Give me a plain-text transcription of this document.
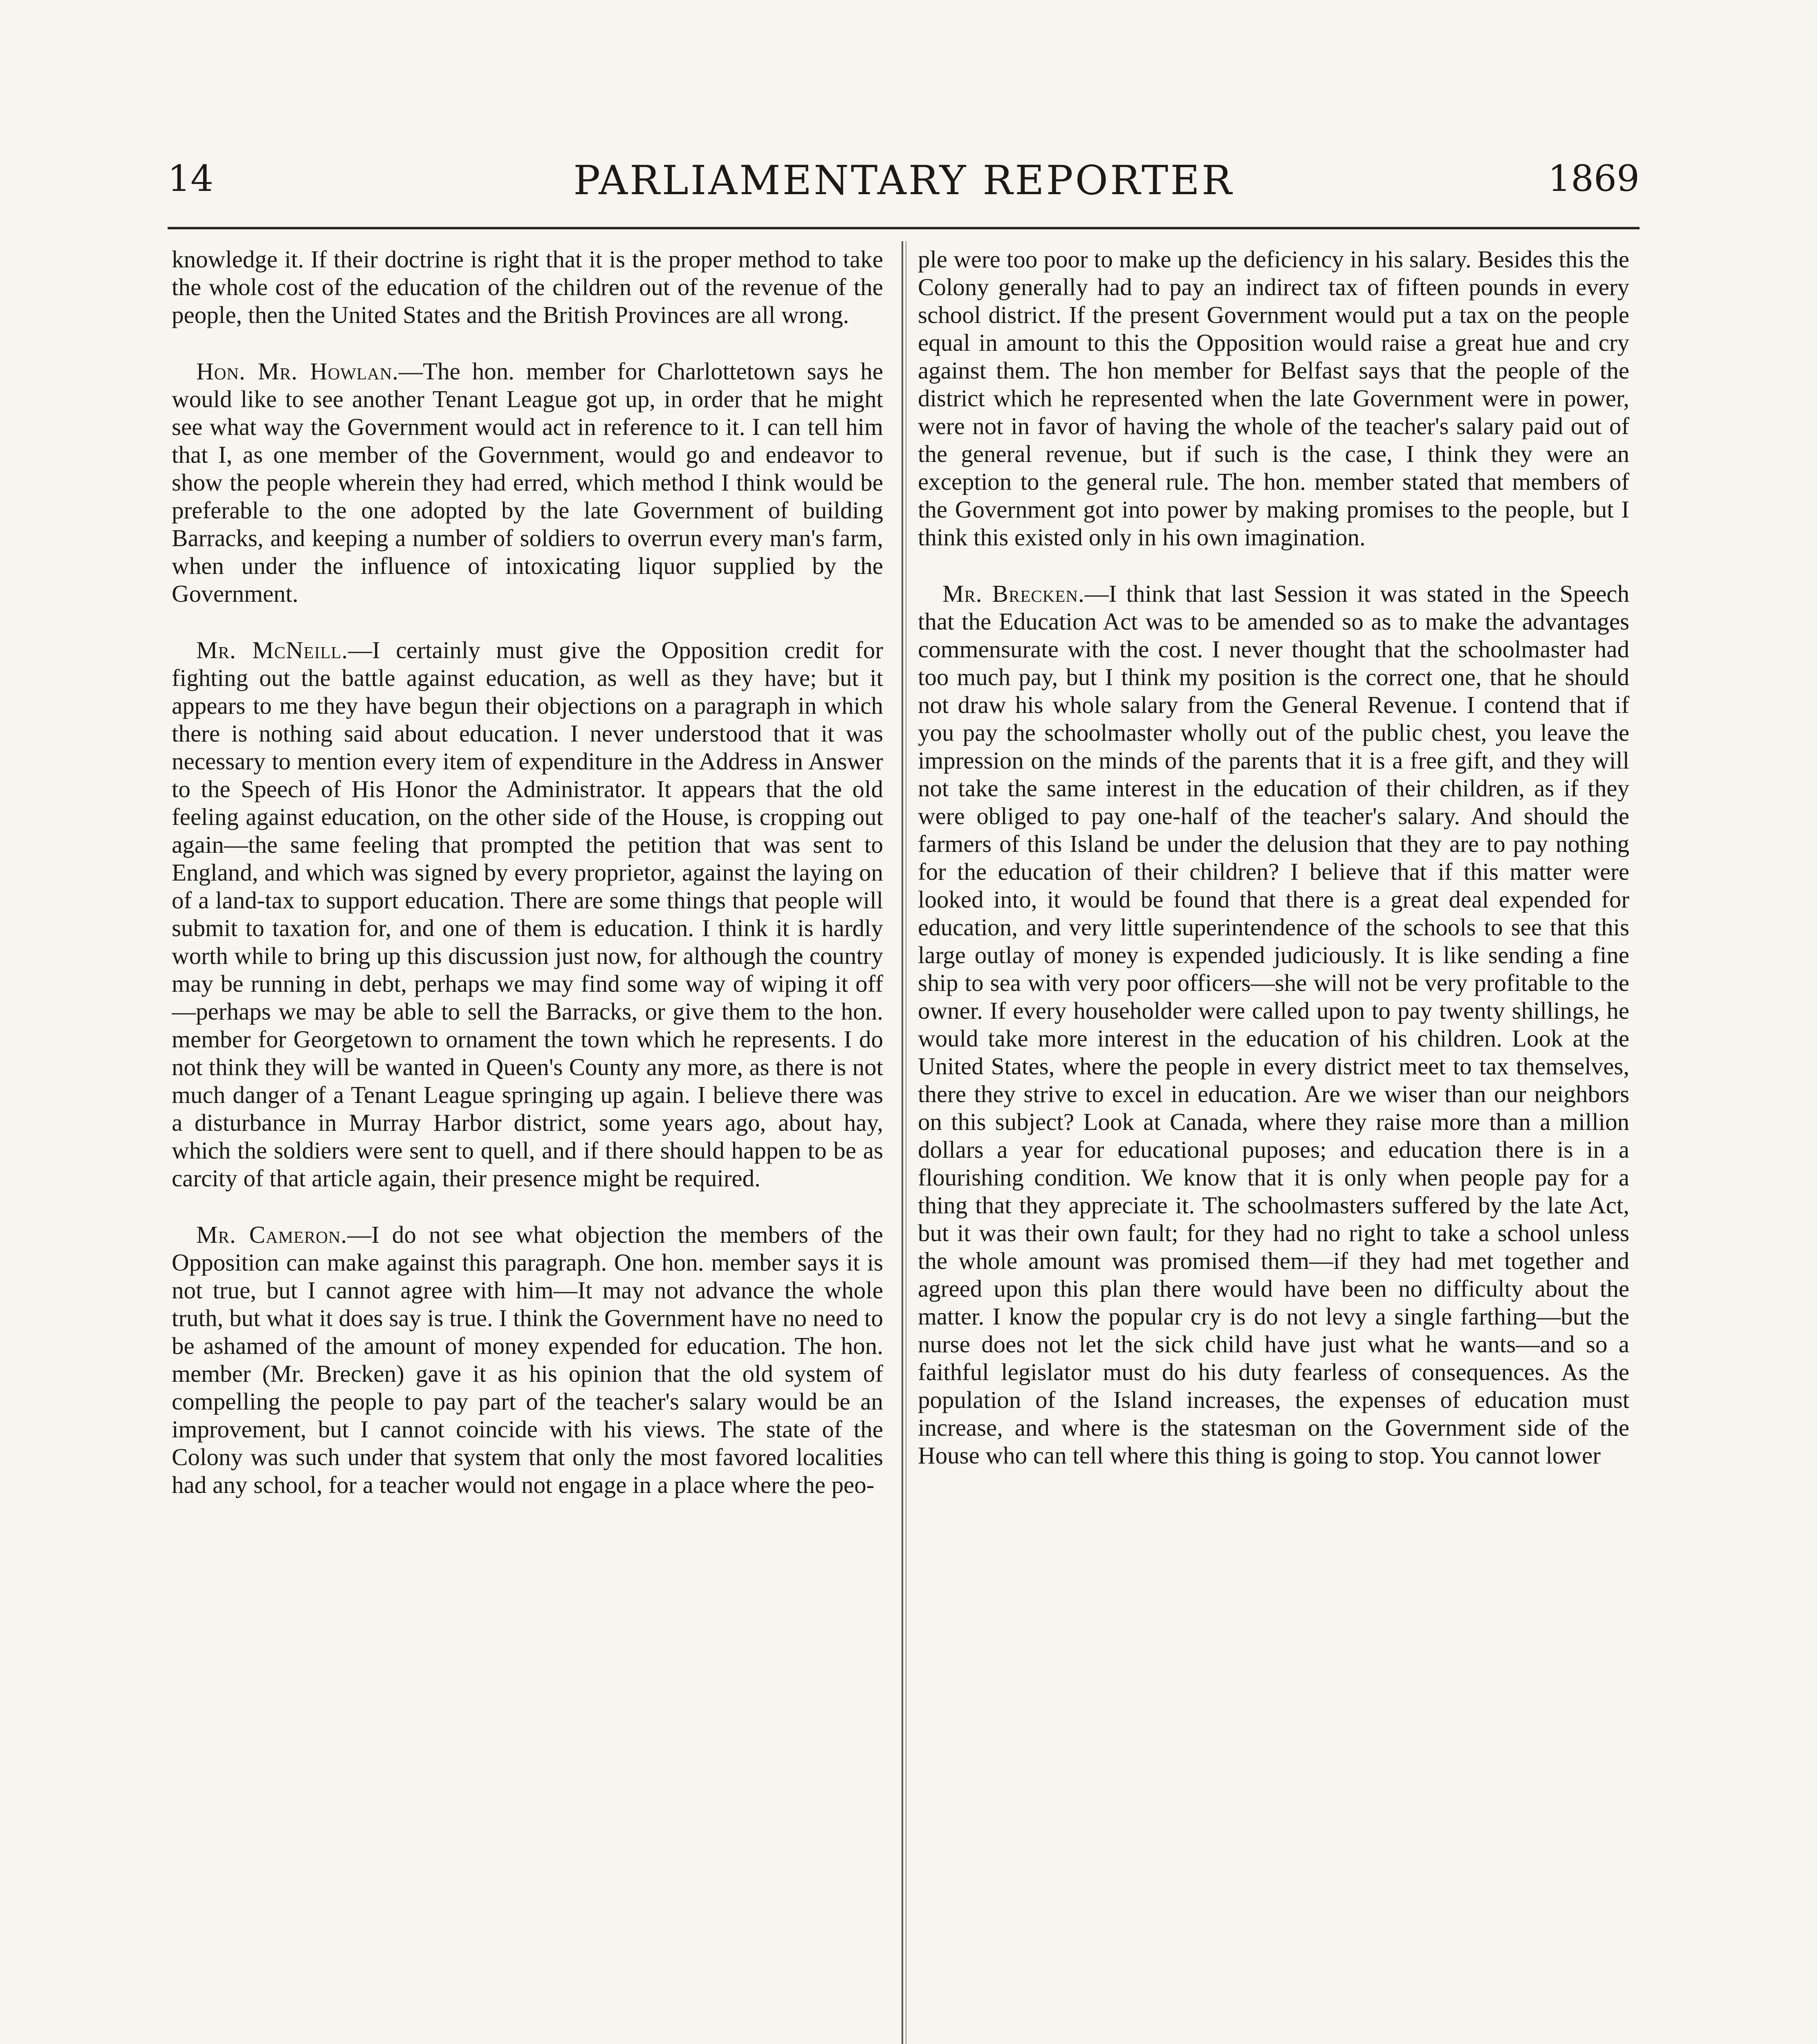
14	PARLIAMENTARY REPORTER	1869

knowledge it. If their doctrine is right that it is the proper method to take the whole cost of the education of the children out of the revenue of the people, then the United States and the British Provinces are all wrong.

Hon. Mr. Howlan.—The hon. member for Charlottetown says he would like to see another Tenant League got up, in order that he might see what way the Government would act in reference to it. I can tell him that I, as one member of the Government, would go and endeavor to show the people wherein they had erred, which method I think would be preferable to the one adopted by the late Government of building Barracks, and keeping a number of soldiers to overrun every man's farm, when under the influence of intoxicating liquor supplied by the Government.

Mr. McNeill.—I certainly must give the Opposition credit for fighting out the battle against education, as well as they have; but it appears to me they have begun their objections on a paragraph in which there is nothing said about education. I never understood that it was necessary to mention every item of expenditure in the Address in Answer to the Speech of His Honor the Administrator. It appears that the old feeling against education, on the other side of the House, is cropping out again—the same feeling that prompted the petition that was sent to England, and which was signed by every proprietor, against the laying on of a land-tax to support education. There are some things that people will submit to taxation for, and one of them is education. I think it is hardly worth while to bring up this discussion just now, for although the country may be running in debt, perhaps we may find some way of wiping it off—perhaps we may be able to sell the Barracks, or give them to the hon. member for Georgetown to ornament the town which he represents. I do not think they will be wanted in Queen's County any more, as there is not much danger of a Tenant League springing up again. I believe there was a disturbance in Murray Harbor district, some years ago, about hay, which the soldiers were sent to quell, and if there should happen to be as carcity of that article again, their presence might be required.

Mr. Cameron.—I do not see what objection the members of the Opposition can make against this paragraph. One hon. member says it is not true, but I cannot agree with him—It may not advance the whole truth, but what it does say is true. I think the Government have no need to be ashamed of the amount of money expended for education. The hon. member (Mr. Brecken) gave it as his opinion that the old system of compelling the people to pay part of the teacher's salary would be an improvement, but I cannot coincide with his views. The state of the Colony was such under that system that only the most favored localities had any school, for a teacher would not engage in a place where the peo-

ple were too poor to make up the deficiency in his salary. Besides this the Colony generally had to pay an indirect tax of fifteen pounds in every school district. If the present Government would put a tax on the people equal in amount to this the Opposition would raise a great hue and cry against them. The hon member for Belfast says that the people of the district which he represented when the late Government were in power, were not in favor of having the whole of the teacher's salary paid out of the general revenue, but if such is the case, I think they were an exception to the general rule. The hon. member stated that members of the Government got into power by making promises to the people, but I think this existed only in his own imagination.

Mr. Brecken.—I think that last Session it was stated in the Speech that the Education Act was to be amended so as to make the advantages commensurate with the cost. I never thought that the schoolmaster had too much pay, but I think my position is the correct one, that he should not draw his whole salary from the General Revenue. I contend that if you pay the schoolmaster wholly out of the public chest, you leave the impression on the minds of the parents that it is a free gift, and they will not take the same interest in the education of their children, as if they were obliged to pay one-half of the teacher's salary. And should the farmers of this Island be under the delusion that they are to pay nothing for the education of their children? I believe that if this matter were looked into, it would be found that there is a great deal expended for education, and very little superintendence of the schools to see that this large outlay of money is expended judiciously. It is like sending a fine ship to sea with very poor officers—she will not be very profitable to the owner. If every householder were called upon to pay twenty shillings, he would take more interest in the education of his children. Look at the United States, where the people in every district meet to tax themselves, there they strive to excel in education. Are we wiser than our neighbors on this subject? Look at Canada, where they raise more than a million dollars a year for educational puposes; and education there is in a flourishing condition. We know that it is only when people pay for a thing that they appreciate it. The schoolmasters suffered by the late Act, but it was their own fault; for they had no right to take a school unless the whole amount was promised them—if they had met together and agreed upon this plan there would have been no difficulty about the matter. I know the popular cry is do not levy a single farthing—but the nurse does not let the sick child have just what he wants—and so a faithful legislator must do his duty fearless of consequences. As the population of the Island increases, the expenses of education must increase, and where is the statesman on the Government side of the House who can tell where this thing is going to stop. You cannot lower
